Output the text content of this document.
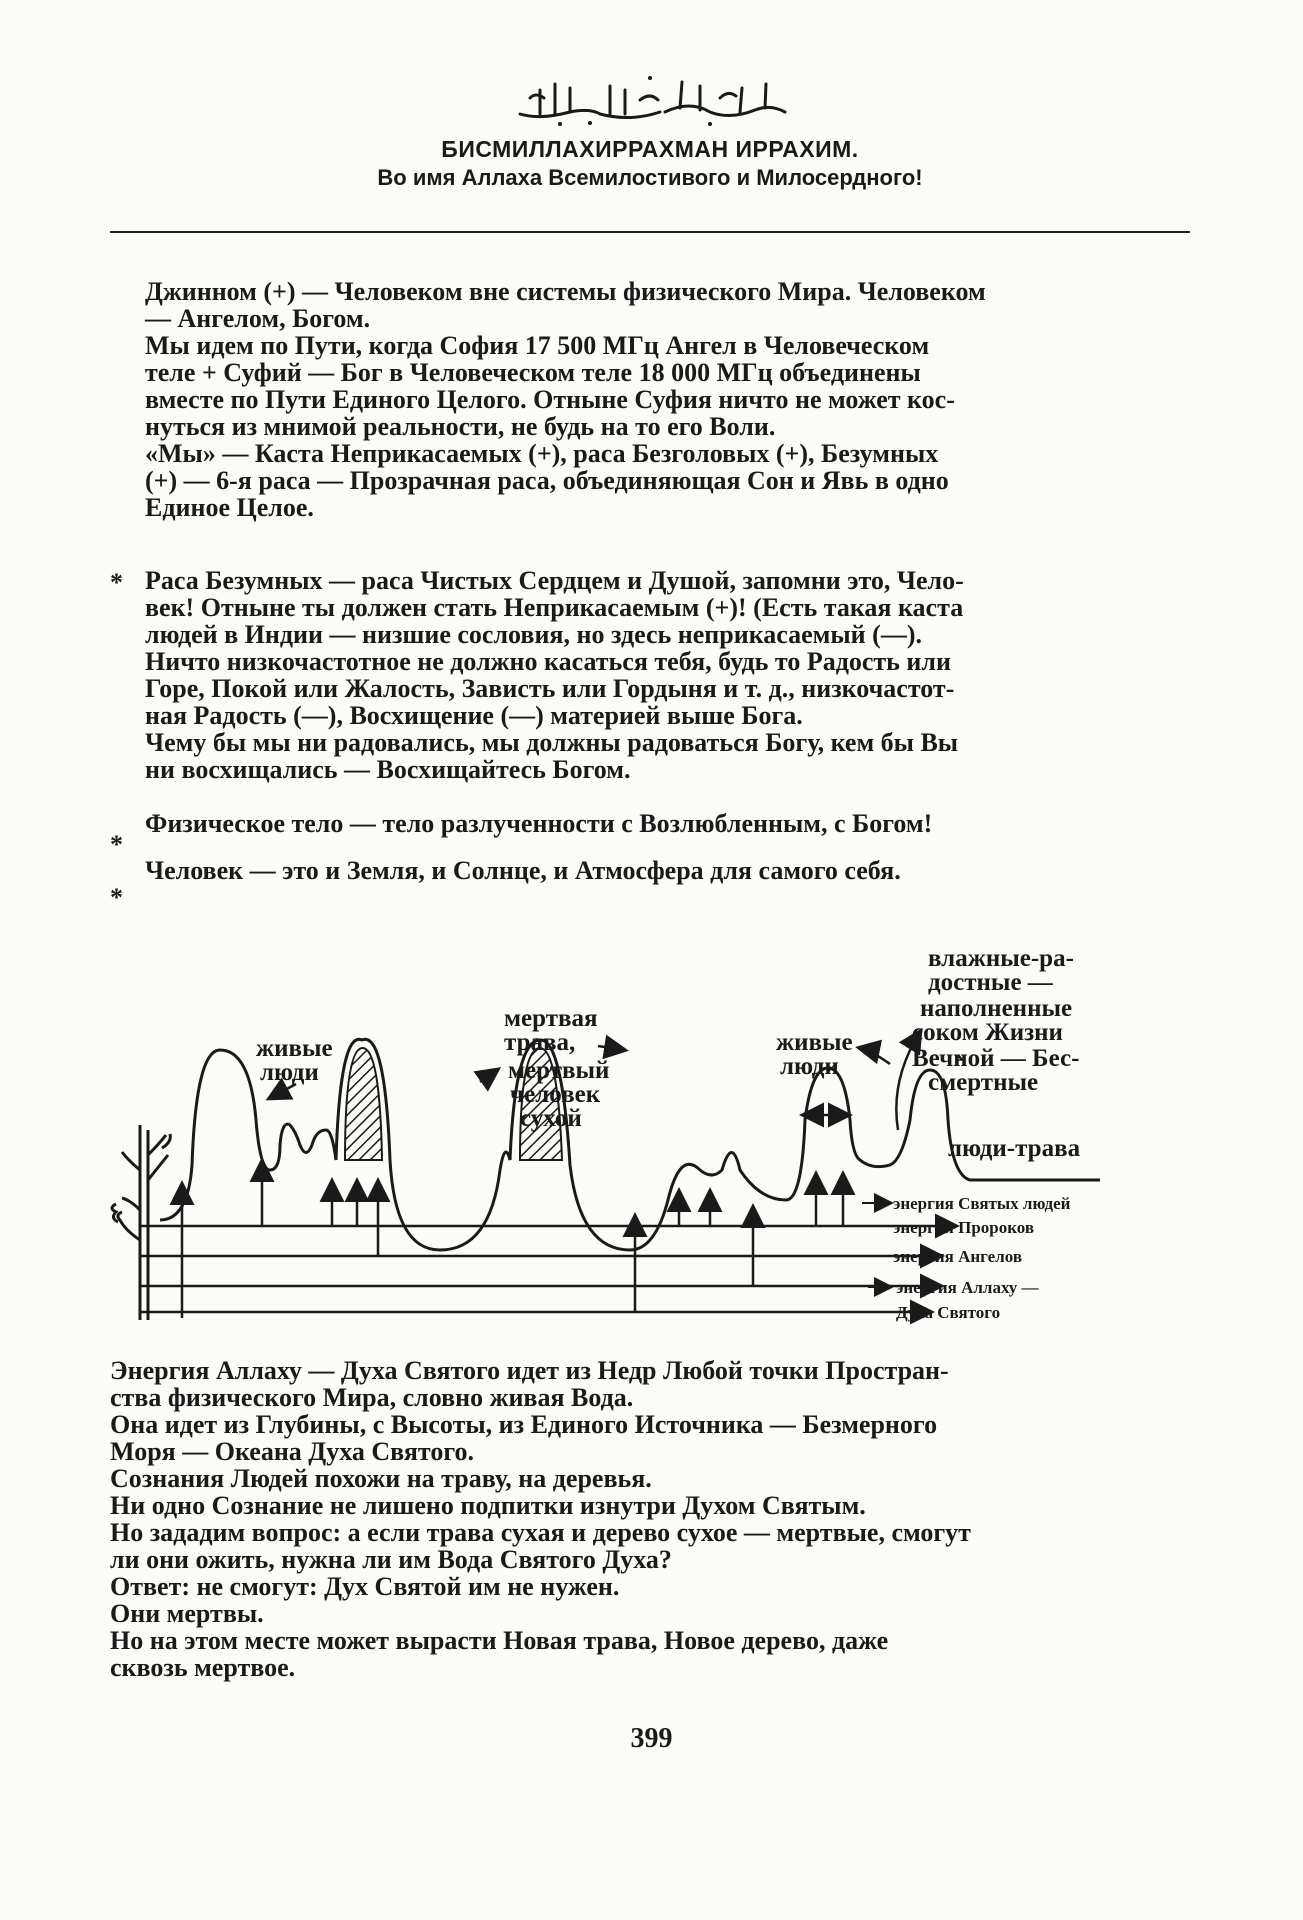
БИСМИЛЛАХИРРАХМАН ИРРАХИМ.
Во имя Аллаха Всемилостивого и Милосердного!
Джинном (+) — Человеком вне системы физического Мира. Человеком
— Ангелом, Богом.
Мы идем по Пути, когда София 17 500 МГц Ангел в Человеческом
теле + Суфий — Бог в Человеческом теле 18 000 МГц объединены
вместе по Пути Единого Целого. Отныне Суфия ничто не может кос-
нуться из мнимой реальности, не будь на то его Воли.
«Мы» — Каста Неприкасаемых (+), раса Безголовых (+), Безумных
(+) — 6-я раса — Прозрачная раса, объединяющая Сон и Явь в одно
Единое Целое.
*
*
*
Раса Безумных — раса Чистых Сердцем и Душой, запомни это, Чело-
век! Отныне ты должен стать Неприкасаемым (+)! (Есть такая каста
людей в Индии — низшие сословия, но здесь неприкасаемый (—).
Ничто низкочастотное не должно касаться тебя, будь то Радость или
Горе, Покой или Жалость, Зависть или Гордыня и т. д., низкочастот-
ная Радость (—), Восхищение (—) материей выше Бога.
Чему бы мы ни радовались, мы должны радоваться Богу, кем бы Вы
ни восхищались — Восхищайтесь Богом.
Физическое тело — тело разлученности с Возлюбленным, с Богом!
Человек — это и Земля, и Солнце, и Атмосфера для самого себя.
живые
люди
мертвая
трава,
мертвый
человек
сухой
живые
люди
влажные-ра-
достные —
наполненные
соком Жизни
Вечной — Бес-
смертные
люди-трава
энергия Святых людей
энергия Пророков
энергия Ангелов
энергия Аллаху —
Духа Святого
Энергия Аллаху — Духа Святого идет из Недр Любой точки Простран-
ства физического Мира, словно живая Вода.
Она идет из Глубины, с Высоты, из Единого Источника — Безмерного
Моря — Океана Духа Святого.
Сознания Людей похожи на траву, на деревья.
Ни одно Сознание не лишено подпитки изнутри Духом Святым.
Но зададим вопрос: а если трава сухая и дерево сухое — мертвые, смогут
ли они ожить, нужна ли им Вода Святого Духа?
Ответ: не смогут: Дух Святой им не нужен.
Они мертвы.
Но на этом месте может вырасти Новая трава, Новое дерево, даже
сквозь мертвое.
399
